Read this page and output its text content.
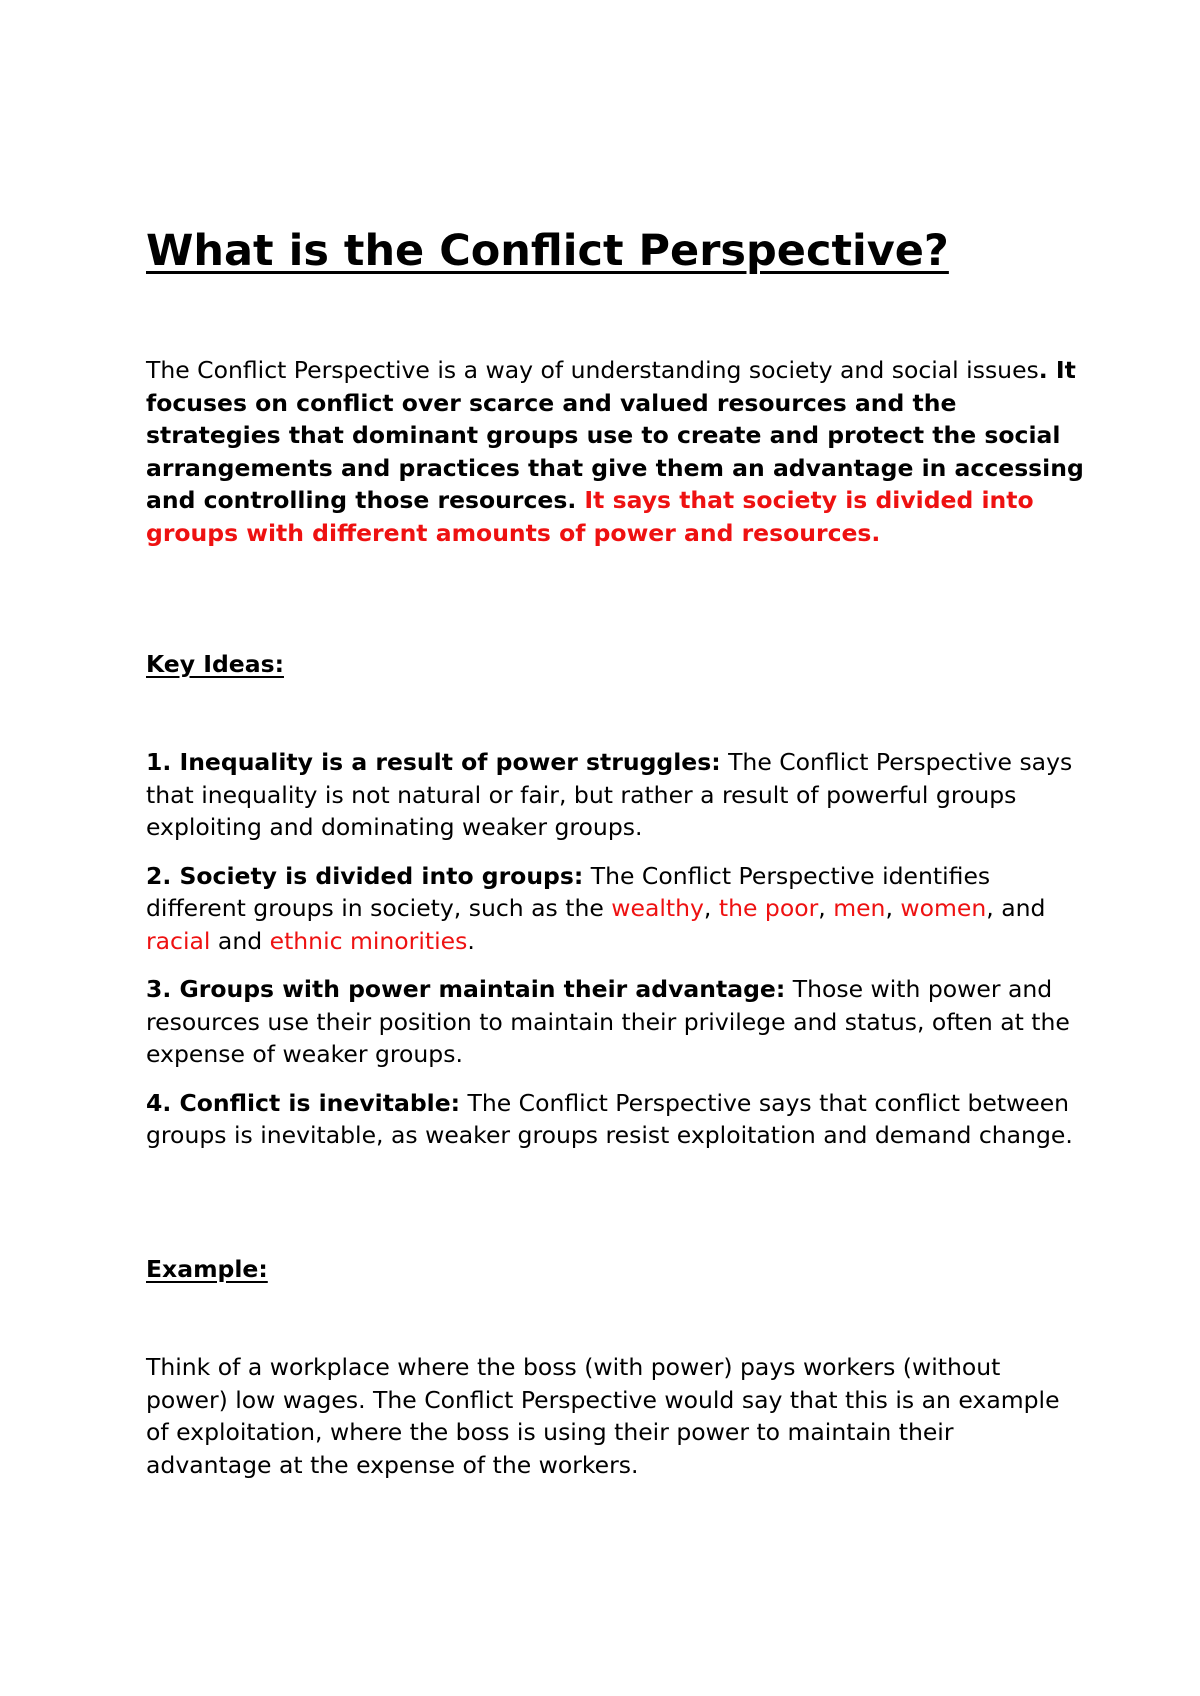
What is the Conflict Perspective?

The Conflict Perspective is a way of understanding society and social issues. It focuses on conflict over scarce and valued resources and the strategies that dominant groups use to create and protect the social arrangements and practices that give them an advantage in accessing and controlling those resources. It says that society is divided into groups with different amounts of power and resources.

Key Ideas:

1. Inequality is a result of power struggles: The Conflict Perspective says that inequality is not natural or fair, but rather a result of powerful groups exploiting and dominating weaker groups.

2. Society is divided into groups: The Conflict Perspective identifies different groups in society, such as the wealthy, the poor, men, women, and racial and ethnic minorities.

3. Groups with power maintain their advantage: Those with power and resources use their position to maintain their privilege and status, often at the expense of weaker groups.

4. Conflict is inevitable: The Conflict Perspective says that conflict between groups is inevitable, as weaker groups resist exploitation and demand change.

Example:

Think of a workplace where the boss (with power) pays workers (without power) low wages. The Conflict Perspective would say that this is an example of exploitation, where the boss is using their power to maintain their advantage at the expense of the workers.
